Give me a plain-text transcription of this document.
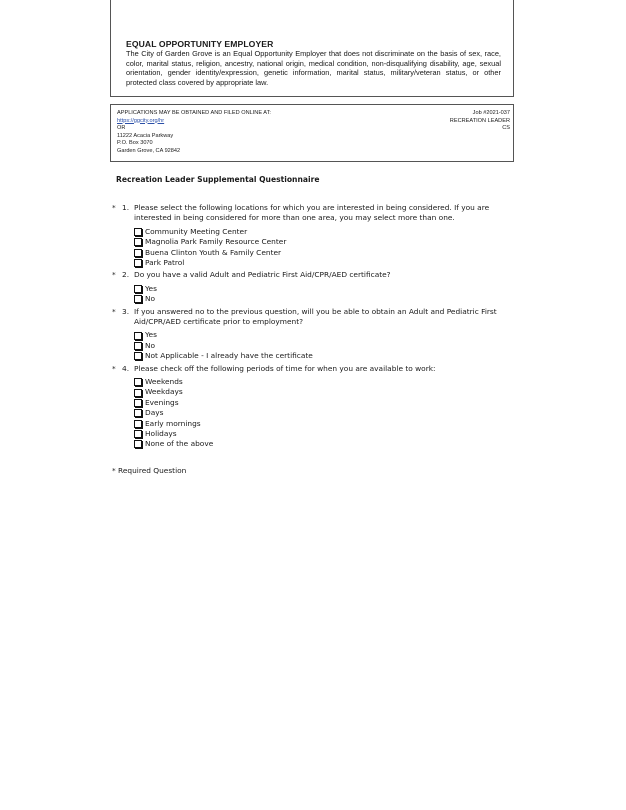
EQUAL OPPORTUNITY EMPLOYER
The City of Garden Grove is an Equal Opportunity Employer that does not discriminate on the basis of sex, race, color, marital status, religion, ancestry, national origin, medical condition, non-disqualifying disability, age, sexual orientation, gender identity/expression, genetic information, marital status, military/veteran status, or other protected class covered by appropriate law.
APPLICATIONS MAY BE OBTAINED AND FILED ONLINE AT:
https://ggcity.org/hr
OR
11222 Acacia Parkway
P.O. Box 3070
Garden Grove, CA 92842
Job #2021-037
RECREATION LEADER
CS
Recreation Leader Supplemental Questionnaire
* 1. Please select the following locations for which you are interested in being considered. If you are interested in being considered for more than one area, you may select more than one.
Community Meeting Center
Magnolia Park Family Resource Center
Buena Clinton Youth & Family Center
Park Patrol
* 2. Do you have a valid Adult and Pediatric First Aid/CPR/AED certificate?
Yes
No
* 3. If you answered no to the previous question, will you be able to obtain an Adult and Pediatric First Aid/CPR/AED certificate prior to employment?
Yes
No
Not Applicable - I already have the certificate
* 4. Please check off the following periods of time for when you are available to work:
Weekends
Weekdays
Evenings
Days
Early mornings
Holidays
None of the above
* Required Question
